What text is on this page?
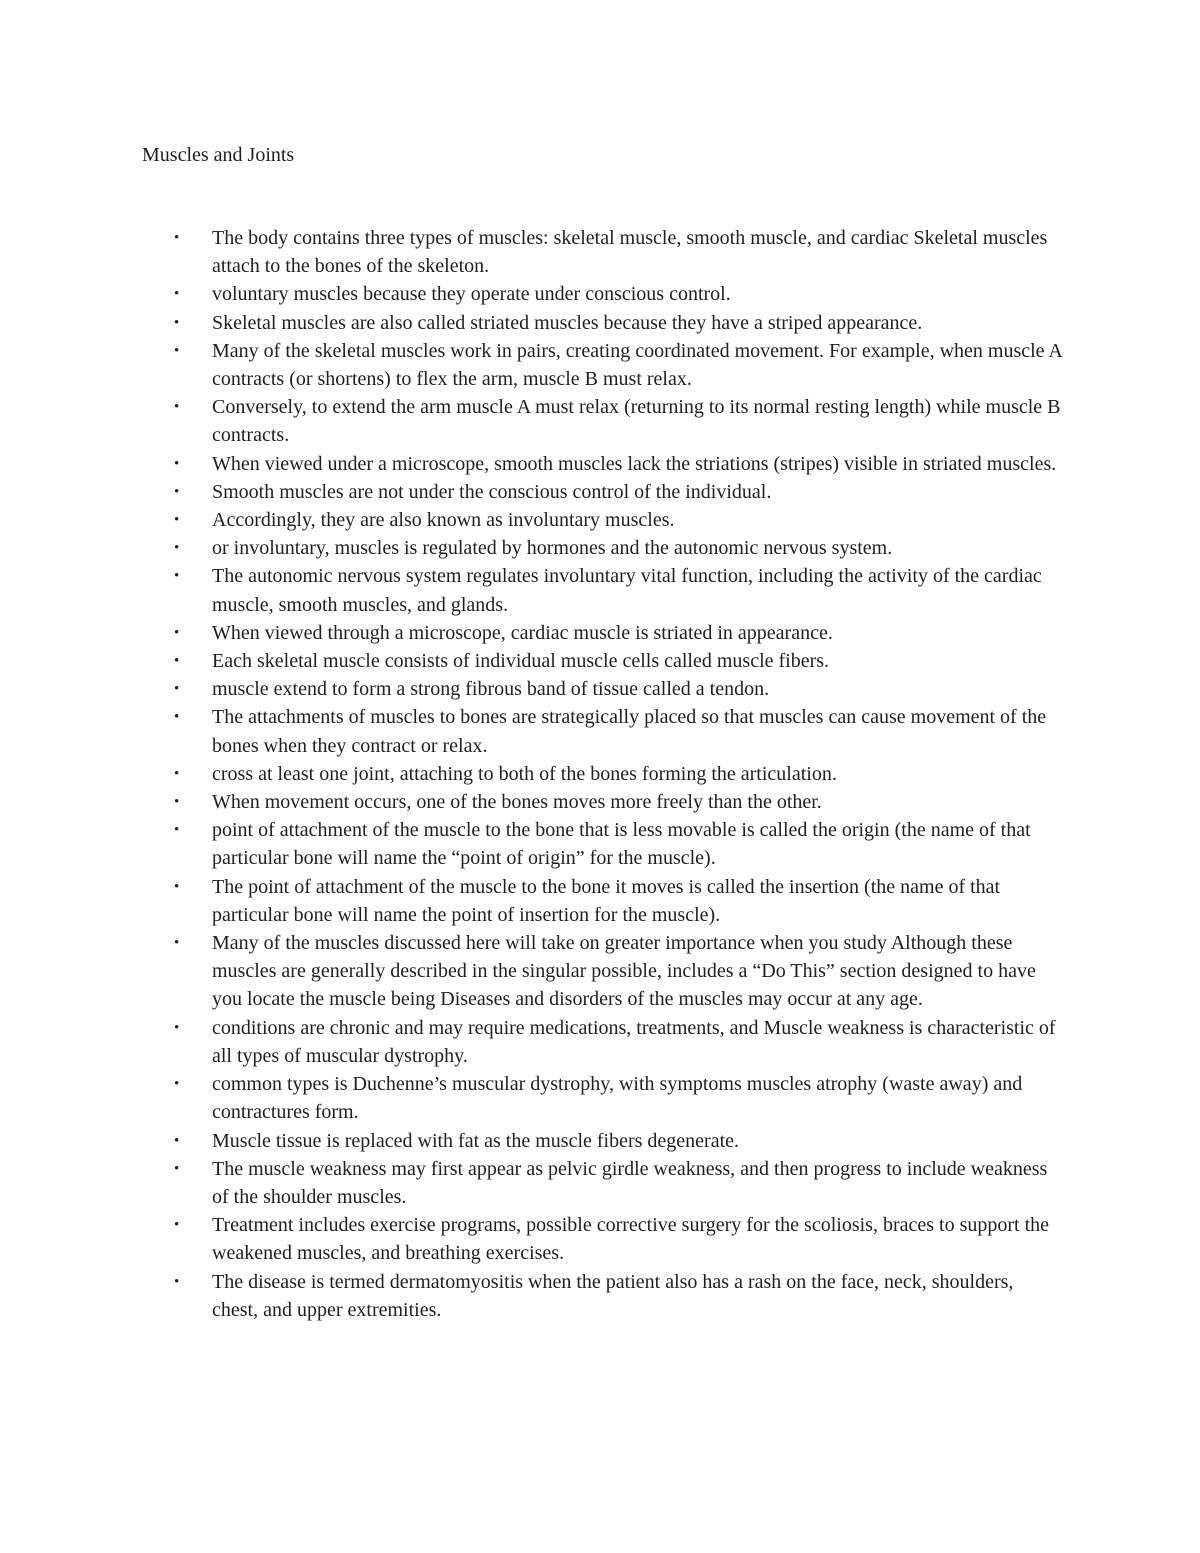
Muscles and Joints
• The body contains three types of muscles: skeletal muscle, smooth muscle, and cardiac Skeletal muscles attach to the bones of the skeleton.
• voluntary muscles because they operate under conscious control.
• Skeletal muscles are also called striated muscles because they have a striped appearance.
• Many of the skeletal muscles work in pairs, creating coordinated movement. For example, when muscle A contracts (or shortens) to flex the arm, muscle B must relax.
• Conversely, to extend the arm muscle A must relax (returning to its normal resting length) while muscle B contracts.
• When viewed under a microscope, smooth muscles lack the striations (stripes) visible in striated muscles.
• Smooth muscles are not under the conscious control of the individual.
• Accordingly, they are also known as involuntary muscles.
• or involuntary, muscles is regulated by hormones and the autonomic nervous system.
• The autonomic nervous system regulates involuntary vital function, including the activity of the cardiac muscle, smooth muscles, and glands.
• When viewed through a microscope, cardiac muscle is striated in appearance.
• Each skeletal muscle consists of individual muscle cells called muscle fibers.
• muscle extend to form a strong fibrous band of tissue called a tendon.
• The attachments of muscles to bones are strategically placed so that muscles can cause movement of the bones when they contract or relax.
• cross at least one joint, attaching to both of the bones forming the articulation.
• When movement occurs, one of the bones moves more freely than the other.
• point of attachment of the muscle to the bone that is less movable is called the origin (the name of that particular bone will name the “point of origin” for the muscle).
• The point of attachment of the muscle to the bone it moves is called the insertion (the name of that particular bone will name the point of insertion for the muscle).
• Many of the muscles discussed here will take on greater importance when you study Although these muscles are generally described in the singular possible, includes a “Do This” section designed to have you locate the muscle being Diseases and disorders of the muscles may occur at any age.
• conditions are chronic and may require medications, treatments, and Muscle weakness is characteristic of all types of muscular dystrophy.
• common types is Duchenne’s muscular dystrophy, with symptoms muscles atrophy (waste away) and contractures form.
• Muscle tissue is replaced with fat as the muscle fibers degenerate.
• The muscle weakness may first appear as pelvic girdle weakness, and then progress to include weakness of the shoulder muscles.
• Treatment includes exercise programs, possible corrective surgery for the scoliosis, braces to support the weakened muscles, and breathing exercises.
• The disease is termed dermatomyositis when the patient also has a rash on the face, neck, shoulders, chest, and upper extremities.
